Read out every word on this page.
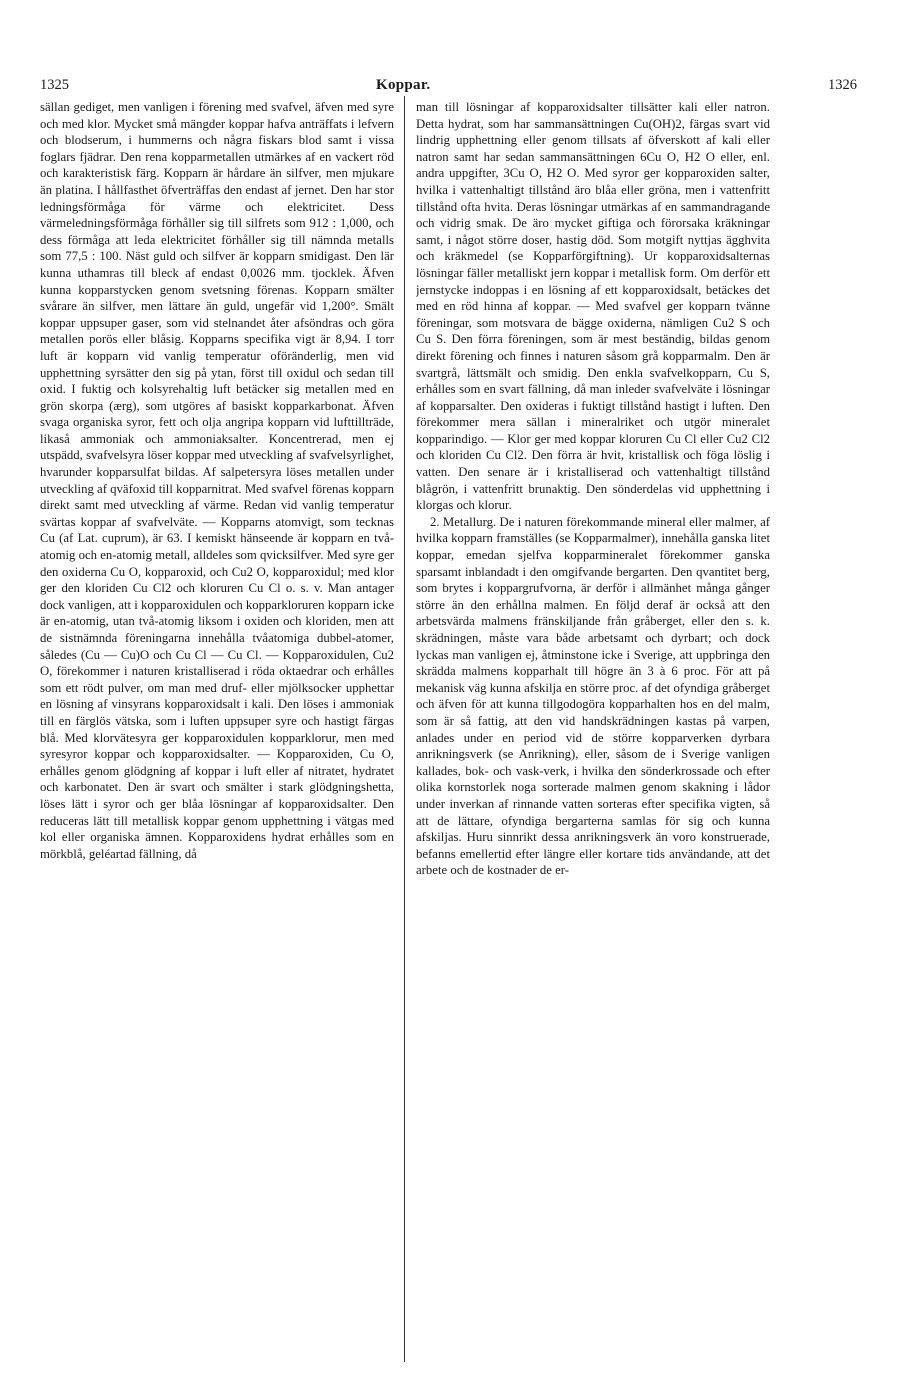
1325	Koppar.	1326

sällan gediget, men vanligen i förening med svafvel, äfven med syre och med klor. Mycket små mängder koppar hafva anträffats i lefvern och blodserum, i hummerns och några fiskars blod samt i vissa foglars fjädrar. Den rena kopparmetallen utmärkes af en vackert röd och karakteristisk färg. Kopparn är hårdare än silfver, men mjukare än platina. I hållfasthet öfverträffas den endast af jernet. Den har stor ledningsförmåga för värme och elektricitet. Dess värmeledningsförmåga förhåller sig till silfrets som 912 : 1,000, och dess förmåga att leda elektricitet förhåller sig till nämnda metalls som 77,5 : 100. Näst guld och silfver är kopparn smidigast. Den lär kunna uthamras till bleck af endast 0,0026 mm. tjocklek. Äfven kunna kopparstycken genom svetsning förenas. Kopparn smälter svårare än silfver, men lättare än guld, ungefär vid 1,200°. Smält koppar uppsuper gaser, som vid stelnandet åter afsöndras och göra metallen porös eller blåsig. Kopparns specifika vigt är 8,94. I torr luft är kopparn vid vanlig temperatur oföränderlig, men vid upphettning syrsätter den sig på ytan, först till oxidul och sedan till oxid. I fuktig och kolsyrehaltig luft betäcker sig metallen med en grön skorpa (ærg), som utgöres af basiskt kopparkarbonat. Äfven svaga organiska syror, fett och olja angripa kopparn vid lufttillträde, likaså ammoniak och ammoniaksalter. Koncentrerad, men ej utspädd, svafvelsyra löser koppar med utveckling af svafvelsyrlighet, hvarunder kopparsulfat bildas. Af salpetersyra löses metallen under utveckling af qväfoxid till kopparnitrat. Med svafvel förenas kopparn direkt samt med utveckling af värme. Redan vid vanlig temperatur svärtas koppar af svafvelväte. — Kopparns atomvigt, som tecknas Cu (af Lat. cuprum), är 63. I kemiskt hänseende är kopparn en två-atomig och en-atomig metall, alldeles som qvicksilfver. Med syre ger den oxiderna Cu O, kopparoxid, och Cu2 O, kopparoxidul; med klor ger den kloriden Cu Cl2 och kloruren Cu Cl o. s. v. Man antager dock vanligen, att i kopparoxidulen och kopparkloruren kopparn icke är en-atomig, utan två-atomig liksom i oxiden och kloriden, men att de sistnämnda föreningarna innehålla tvåatomiga dubbel-atomer, således (Cu — Cu)O och Cu Cl — Cu Cl. — Kopparoxidulen, Cu2 O, förekommer i naturen kristalliserad i röda oktaedrar och erhålles som ett rödt pulver, om man med druf- eller mjölksocker upphettar en lösning af vinsyrans kopparoxidsalt i kali. Den löses i ammoniak till en färglös vätska, som i luften uppsuper syre och hastigt färgas blå. Med klorvätesyra ger kopparoxidulen kopparklorur, men med syresyror koppar och kopparoxidsalter. — Kopparoxiden, Cu O, erhålles genom glödgning af koppar i luft eller af nitratet, hydratet och karbonatet. Den är svart och smälter i stark glödgningshetta, löses lätt i syror och ger blåa lösningar af kopparoxidsalter. Den reduceras lätt till metallisk koppar genom upphettning i vätgas med kol eller organiska ämnen. Kopparoxidens hydrat erhålles som en mörkblå, geléartad fällning, då

man till lösningar af kopparoxidsalter tillsätter kali eller natron. Detta hydrat, som har sammansättningen Cu(OH)2, färgas svart vid lindrig upphettning eller genom tillsats af öfverskott af kali eller natron samt har sedan sammansättningen 6Cu O, H2 O eller, enl. andra uppgifter, 3Cu O, H2 O. Med syror ger kopparoxiden salter, hvilka i vattenhaltigt tillstånd äro blåa eller gröna, men i vattenfritt tillstånd ofta hvita. Deras lösningar utmärkas af en sammandragande och vidrig smak. De äro mycket giftiga och förorsaka kräkningar samt, i något större doser, hastig död. Som motgift nyttjas ägghvita och kräkmedel (se Kopparförgiftning). Ur kopparoxidsalternas lösningar fäller metalliskt jern koppar i metallisk form. Om derför ett jernstycke indoppas i en lösning af ett kopparoxidsalt, betäckes det med en röd hinna af koppar. — Med svafvel ger kopparn tvänne föreningar, som motsvara de bägge oxiderna, nämligen Cu2 S och Cu S. Den förra föreningen, som är mest beständig, bildas genom direkt förening och finnes i naturen såsom grå kopparmalm. Den är svartgrå, lättsmält och smidig. Den enkla svafvelkopparn, Cu S, erhålles som en svart fällning, då man inleder svafvelväte i lösningar af kopparsalter. Den oxideras i fuktigt tillstånd hastigt i luften. Den förekommer mera sällan i mineralriket och utgör mineralet kopparindigo. — Klor ger med koppar kloruren Cu Cl eller Cu2 Cl2 och kloriden Cu Cl2. Den förra är hvit, kristallisk och föga löslig i vatten. Den senare är i kristalliserad och vattenhaltigt tillstånd blågrön, i vattenfritt brunaktig. Den sönderdelas vid upphettning i klorgas och klorur.

2. Metallurg. De i naturen förekommande mineral eller malmer, af hvilka kopparn framställes (se Kopparmalmer), innehålla ganska litet koppar, emedan sjelfva kopparmineralet förekommer ganska sparsamt inblandadt i den omgifvande bergarten. Den qvantitet berg, som brytes i koppargrufvorna, är derför i allmänhet många gånger större än den erhållna malmen. En följd deraf är också att den arbetsvärda malmens fränskiljande från gråberget, eller den s. k. skrädningen, måste vara både arbetsamt och dyrbart; och dock lyckas man vanligen ej, åtminstone icke i Sverige, att uppbringa den skrädda malmens kopparhalt till högre än 3 à 6 proc. För att på mekanisk väg kunna afskilja en större proc. af det ofyndiga gråberget och äfven för att kunna tillgodogöra kopparhalten hos en del malm, som är så fattig, att den vid handskrädningen kastas på varpen, anlades under en period vid de större kopparverken dyrbara anrikningsverk (se Anrikning), eller, såsom de i Sverige vanligen kallades, bok- och vask-verk, i hvilka den sönderkrossade och efter olika kornstorlek noga sorterade malmen genom skakning i lådor under inverkan af rinnande vatten sorteras efter specifika vigten, så att de lättare, ofyndiga bergarterna samlas för sig och kunna afskiljas. Huru sinnrikt dessa anrikningsverk än voro konstruerade, befanns emellertid efter längre eller kortare tids användande, att det arbete och de kostnader de er-
